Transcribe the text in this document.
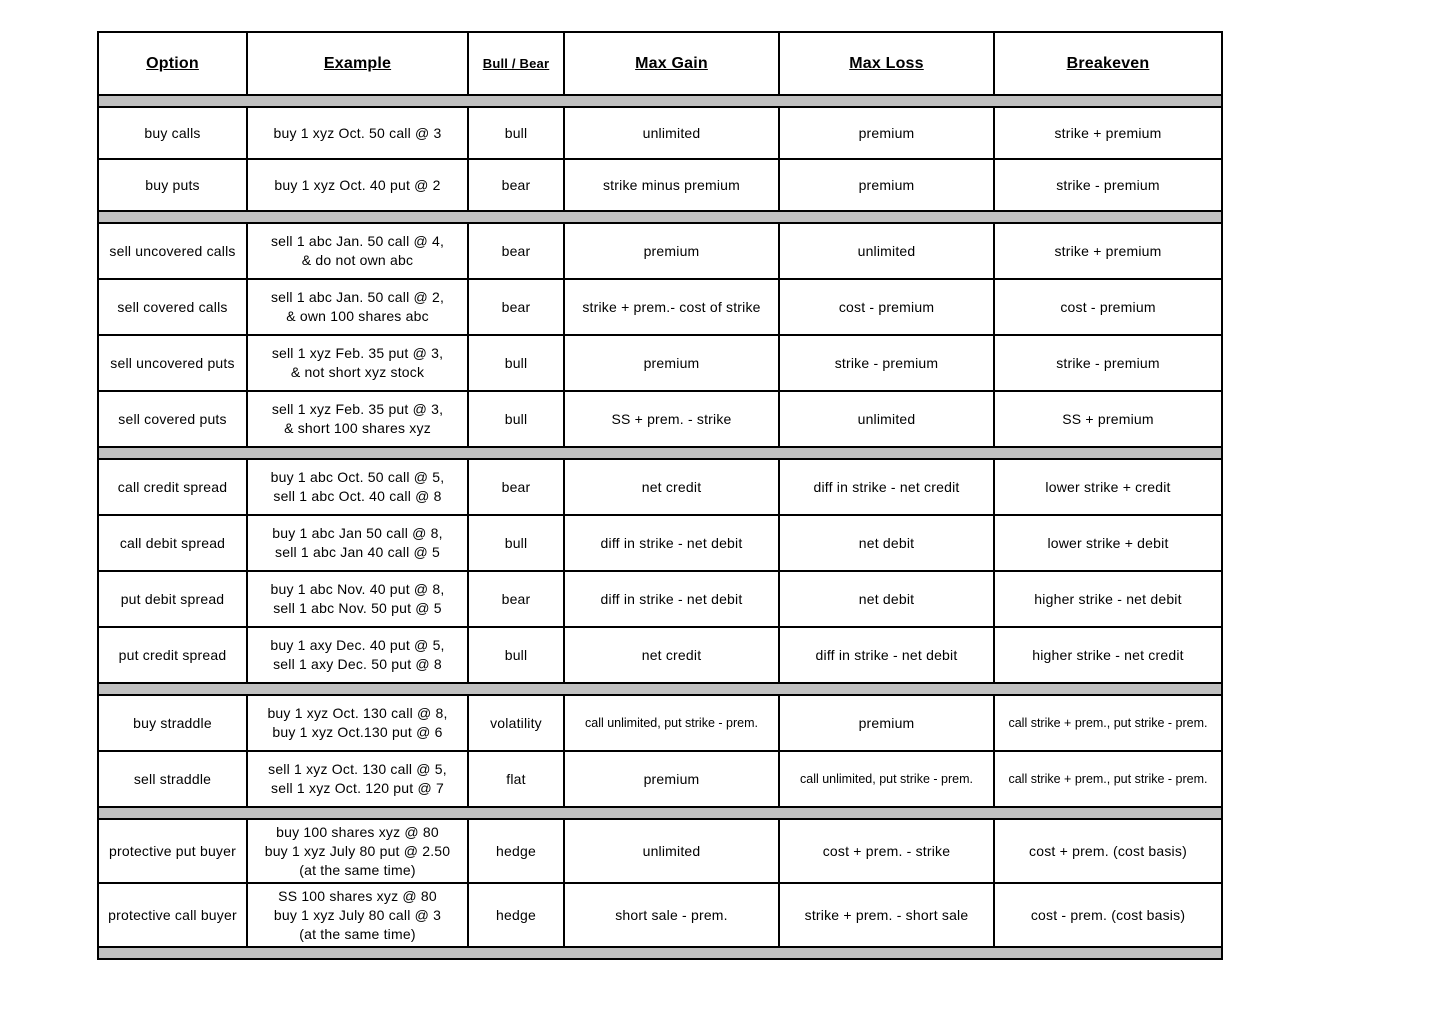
Option	Example	Bull / Bear	Max Gain	Max Loss	Breakeven

buy calls	buy 1 xyz Oct. 50 call @ 3	bull	unlimited	premium	strike + premium
buy puts	buy 1 xyz Oct. 40 put @ 2	bear	strike minus premium	premium	strike - premium

sell uncovered calls	sell 1 abc Jan. 50 call @ 4,
& do not own abc	bear	premium	unlimited	strike + premium
sell covered calls	sell 1 abc Jan. 50 call @ 2,
& own 100 shares abc	bear	strike + prem.- cost of strike	cost - premium	cost - premium
sell uncovered puts	sell 1 xyz Feb. 35 put @ 3,
& not short xyz stock	bull	premium	strike - premium	strike - premium
sell covered puts	sell 1 xyz Feb. 35 put @ 3,
& short 100 shares xyz	bull	SS + prem. - strike	unlimited	SS + premium

call credit spread	buy 1 abc Oct. 50 call @ 5,
sell 1 abc Oct. 40 call @ 8	bear	net credit	diff in strike - net credit	lower strike + credit
call debit spread	buy 1 abc Jan 50 call @ 8,
sell 1 abc Jan 40 call @ 5	bull	diff in strike - net debit	net debit	lower strike + debit
put debit spread	buy 1 abc Nov. 40 put @ 8,
sell 1 abc Nov. 50 put @ 5	bear	diff in strike - net debit	net debit	higher strike - net debit
put credit spread	buy 1 axy Dec. 40 put @ 5,
sell 1 axy Dec. 50 put @ 8	bull	net credit	diff in strike - net debit	higher strike - net credit

buy straddle	buy 1 xyz Oct. 130 call @ 8,
buy 1 xyz Oct.130 put @ 6	volatility	call unlimited, put strike - prem.	premium	call strike + prem., put strike - prem.
sell straddle	sell 1 xyz Oct. 130 call @ 5,
sell 1 xyz Oct. 120 put @ 7	flat	premium	call unlimited, put strike - prem.	call strike + prem., put strike - prem.

protective put buyer	buy 100 shares xyz @ 80
buy 1 xyz July 80 put @ 2.50
(at the same time)	hedge	unlimited	cost + prem. - strike	cost + prem. (cost basis)
protective call buyer	SS 100 shares xyz @ 80
buy 1 xyz July 80 call @ 3
(at the same time)	hedge	short sale - prem.	strike + prem. - short sale	cost - prem. (cost basis)
